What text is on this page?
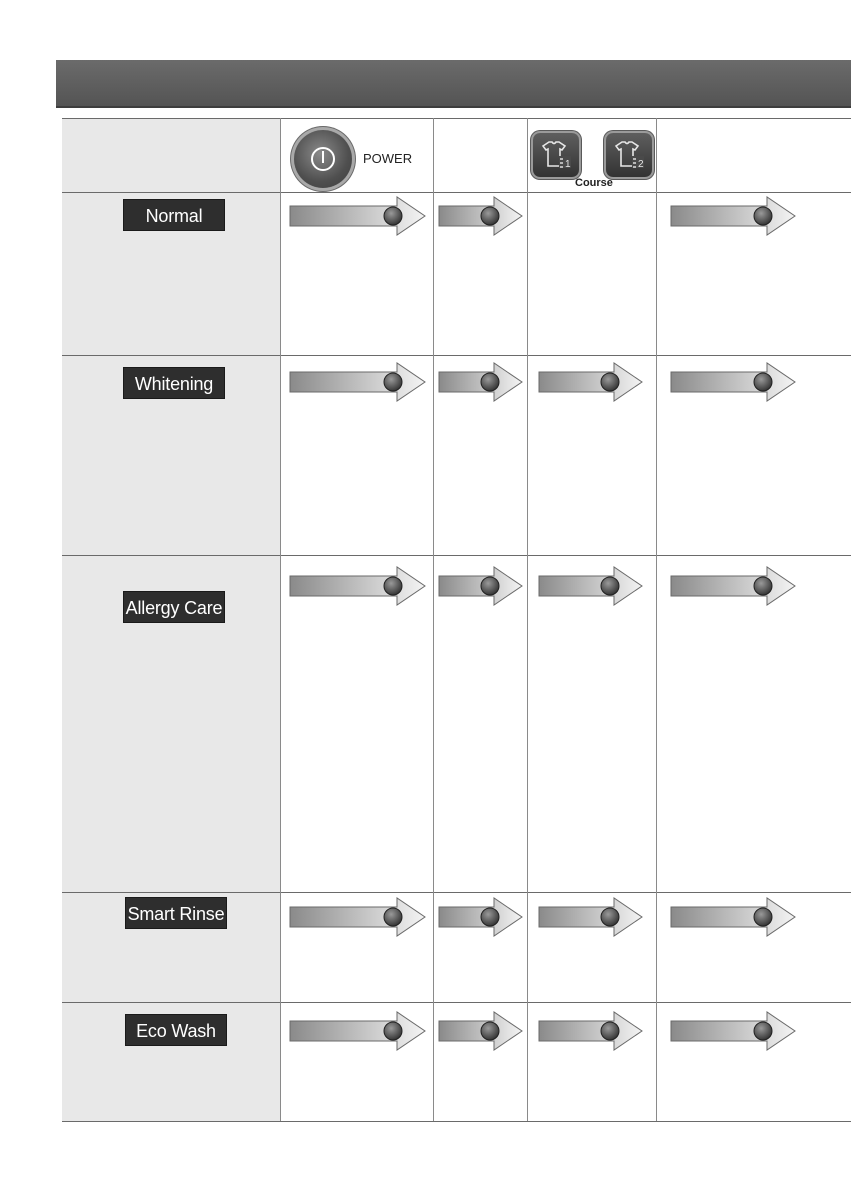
POWER	1	2
Course
Normal
Whitening
Allergy Care
Smart Rinse
Eco Wash
